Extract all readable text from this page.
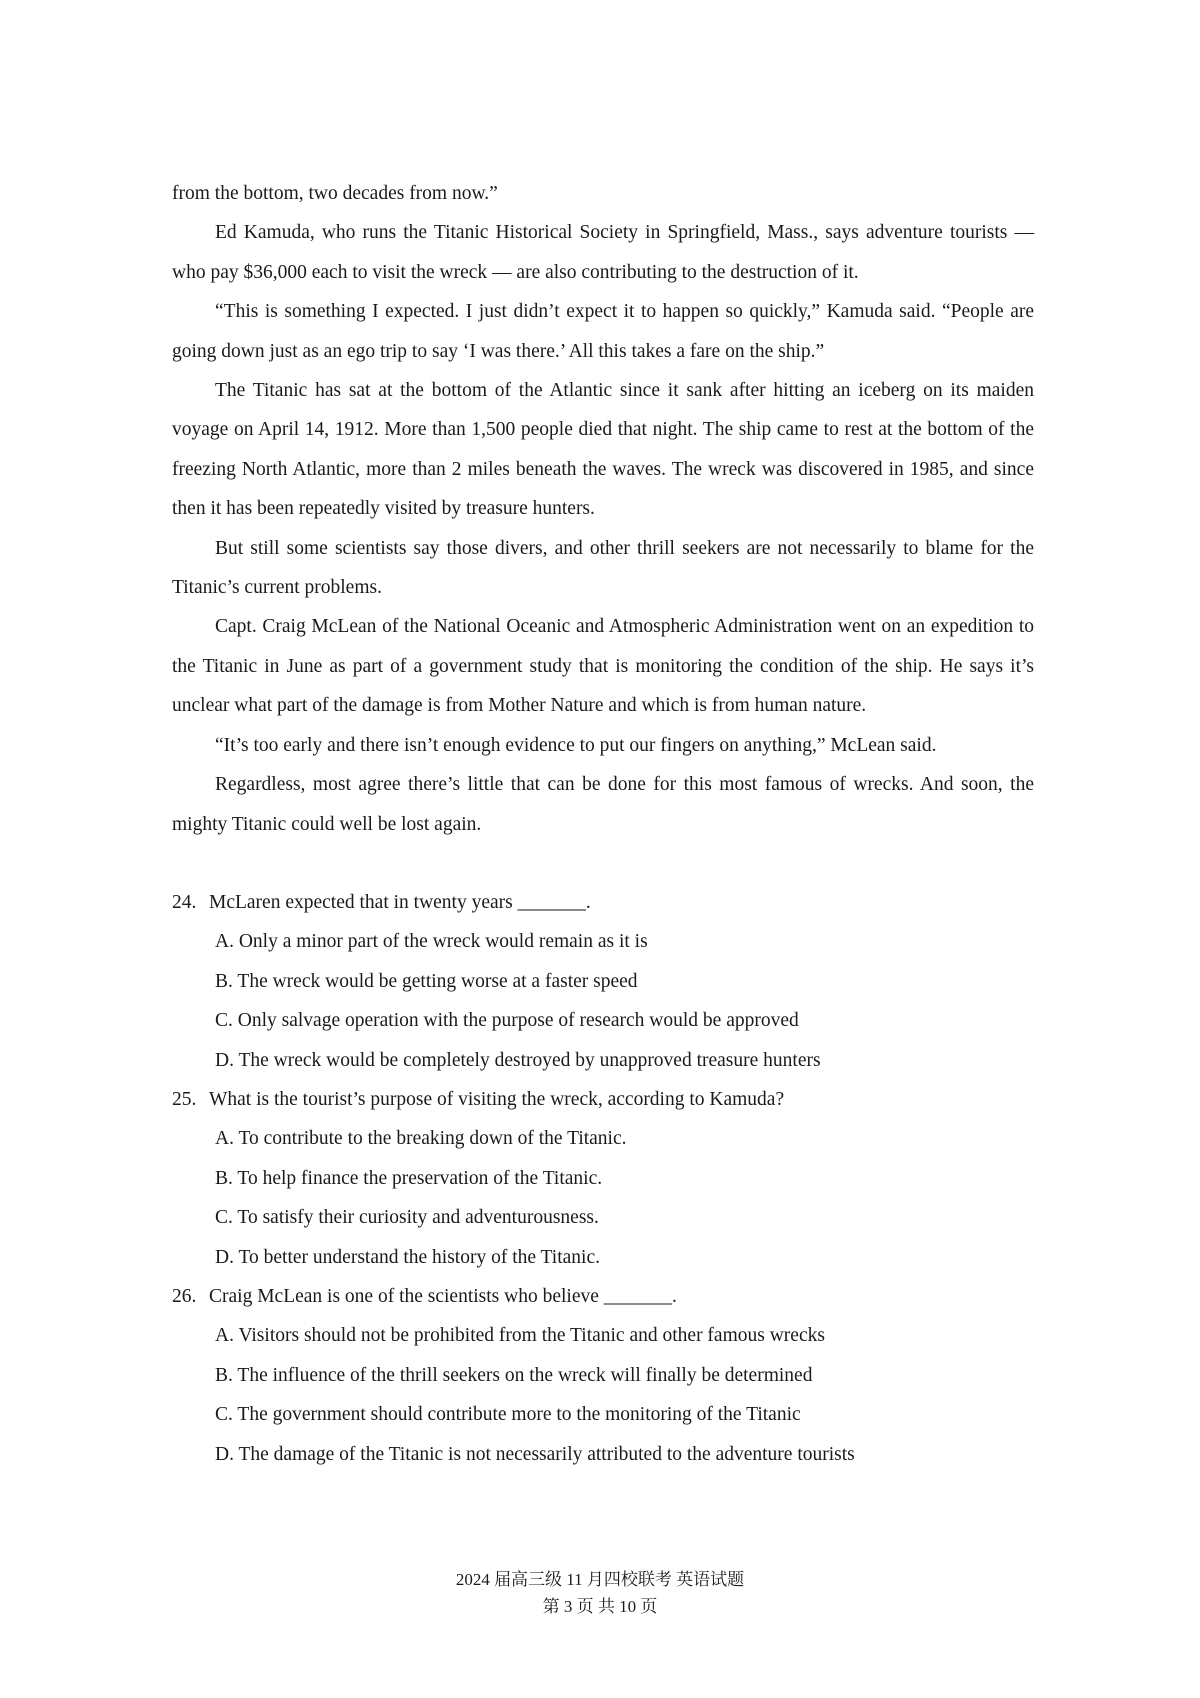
from the bottom, two decades from now.”

Ed Kamuda, who runs the Titanic Historical Society in Springfield, Mass., says adventure tourists — who pay $36,000 each to visit the wreck — are also contributing to the destruction of it.

“This is something I expected. I just didn’t expect it to happen so quickly,” Kamuda said. “People are going down just as an ego trip to say ‘I was there.’ All this takes a fare on the ship.”

The Titanic has sat at the bottom of the Atlantic since it sank after hitting an iceberg on its maiden voyage on April 14, 1912. More than 1,500 people died that night. The ship came to rest at the bottom of the freezing North Atlantic, more than 2 miles beneath the waves. The wreck was discovered in 1985, and since then it has been repeatedly visited by treasure hunters.

But still some scientists say those divers, and other thrill seekers are not necessarily to blame for the Titanic’s current problems.

Capt. Craig McLean of the National Oceanic and Atmospheric Administration went on an expedition to the Titanic in June as part of a government study that is monitoring the condition of the ship. He says it’s unclear what part of the damage is from Mother Nature and which is from human nature.

“It’s too early and there isn’t enough evidence to put our fingers on anything,” McLean said.

Regardless, most agree there’s little that can be done for this most famous of wrecks. And soon, the mighty Titanic could well be lost again.

24. McLaren expected that in twenty years _______.

A. Only a minor part of the wreck would remain as it is

B. The wreck would be getting worse at a faster speed

C. Only salvage operation with the purpose of research would be approved

D. The wreck would be completely destroyed by unapproved treasure hunters

25. What is the tourist’s purpose of visiting the wreck, according to Kamuda?

A. To contribute to the breaking down of the Titanic.

B. To help finance the preservation of the Titanic.

C. To satisfy their curiosity and adventurousness.

D. To better understand the history of the Titanic.

26. Craig McLean is one of the scientists who believe _______.

A. Visitors should not be prohibited from the Titanic and other famous wrecks

B. The influence of the thrill seekers on the wreck will finally be determined

C. The government should contribute more to the monitoring of the Titanic

D. The damage of the Titanic is not necessarily attributed to the adventure tourists

2024 届高三级 11 月四校联考 英语试题
第 3 页 共 10 页
